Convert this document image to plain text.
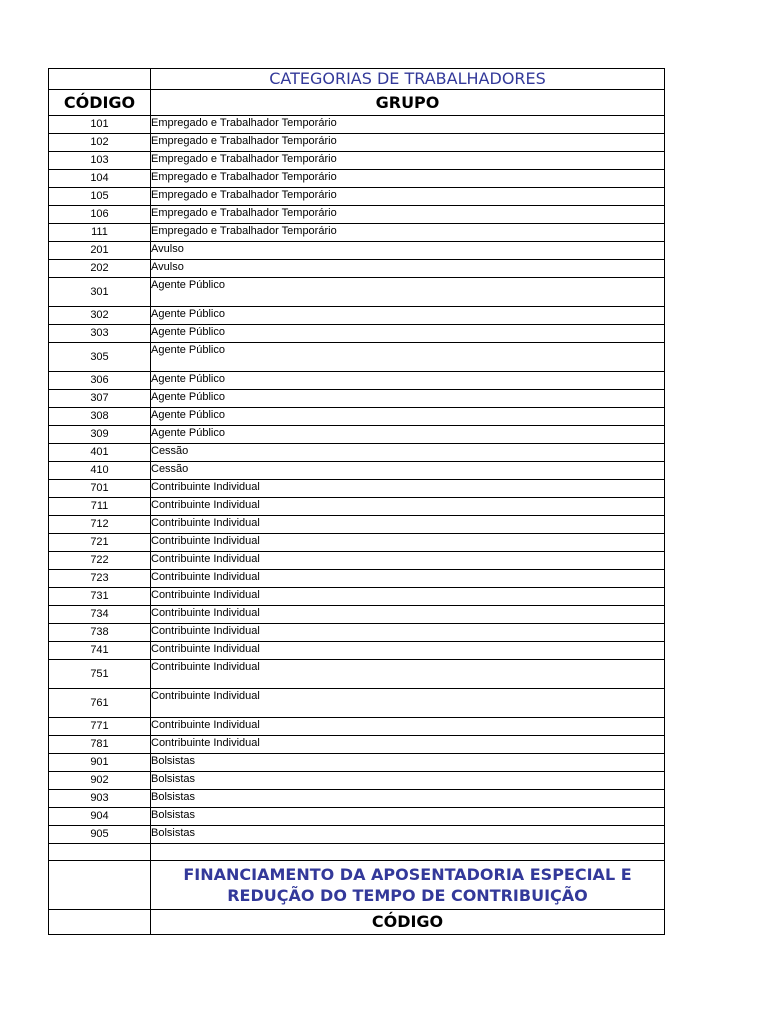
	CATEGORIAS DE TRABALHADORES
CÓDIGO	GRUPO
101	Empregado e Trabalhador Temporário
102	Empregado e Trabalhador Temporário
103	Empregado e Trabalhador Temporário
104	Empregado e Trabalhador Temporário
105	Empregado e Trabalhador Temporário
106	Empregado e Trabalhador Temporário
111	Empregado e Trabalhador Temporário
201	Avulso
202	Avulso
301	Agente Público
302	Agente Público
303	Agente Público
305	Agente Público
306	Agente Público
307	Agente Público
308	Agente Público
309	Agente Público
401	Cessão
410	Cessão
701	Contribuinte Individual
711	Contribuinte Individual
712	Contribuinte Individual
721	Contribuinte Individual
722	Contribuinte Individual
723	Contribuinte Individual
731	Contribuinte Individual
734	Contribuinte Individual
738	Contribuinte Individual
741	Contribuinte Individual
751	Contribuinte Individual
761	Contribuinte Individual
771	Contribuinte Individual
781	Contribuinte Individual
901	Bolsistas
902	Bolsistas
903	Bolsistas
904	Bolsistas
905	Bolsistas

	FINANCIAMENTO DA APOSENTADORIA ESPECIAL E
REDUÇÃO DO TEMPO DE CONTRIBUIÇÃO

	CÓDIGO
